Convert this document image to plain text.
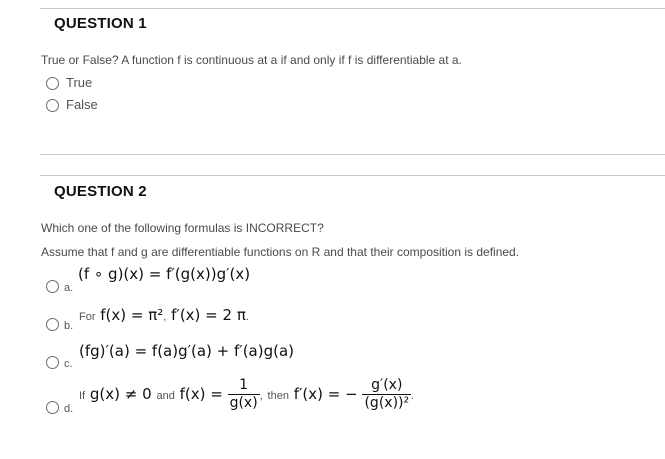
QUESTION 1
True or False? A function f is continuous at a if and only if f is differentiable at a.
True
False
QUESTION 2
Which one of the following formulas is INCORRECT?
Assume that f and g are differentiable functions on R and that their composition is defined.
a.
(f ∘ g)(x) = f′(g(x))g′(x)
b.
For f(x) = π², f′(x) = 2 π.
c.
(fg)′(a) = f(a)g′(a) + f′(a)g(a)
d.
If g(x) ≠ 0 and $f(x) = \frac{1}{g(x)}$ , then f′(x) = − $\frac{g'(x)}{\text{(g(x))²}}$ .
